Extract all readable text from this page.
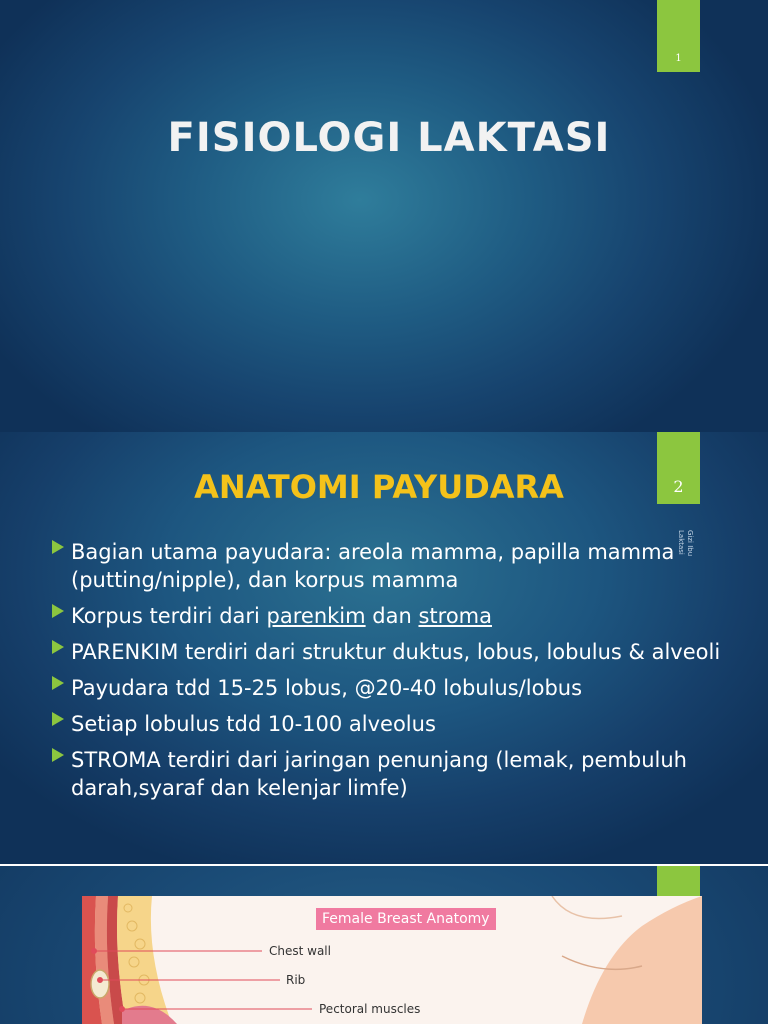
1
FISIOLOGI LAKTASI
2
ANATOMI PAYUDARA
Gizi Ibu Laktasi
Bagian utama payudara: areola mamma, papilla mamma (putting/nipple), dan korpus mamma
Korpus terdiri dari parenkim dan stroma
PARENKIM terdiri dari struktur duktus, lobus, lobulus & alveoli
Payudara tdd 15-25 lobus, @20-40 lobulus/lobus
Setiap lobulus tdd 10-100 alveolus
STROMA terdiri dari jaringan penunjang (lemak, pembuluh darah,syaraf dan kelenjar limfe)
Female Breast Anatomy
Chest wall
Rib
Pectoral muscles
